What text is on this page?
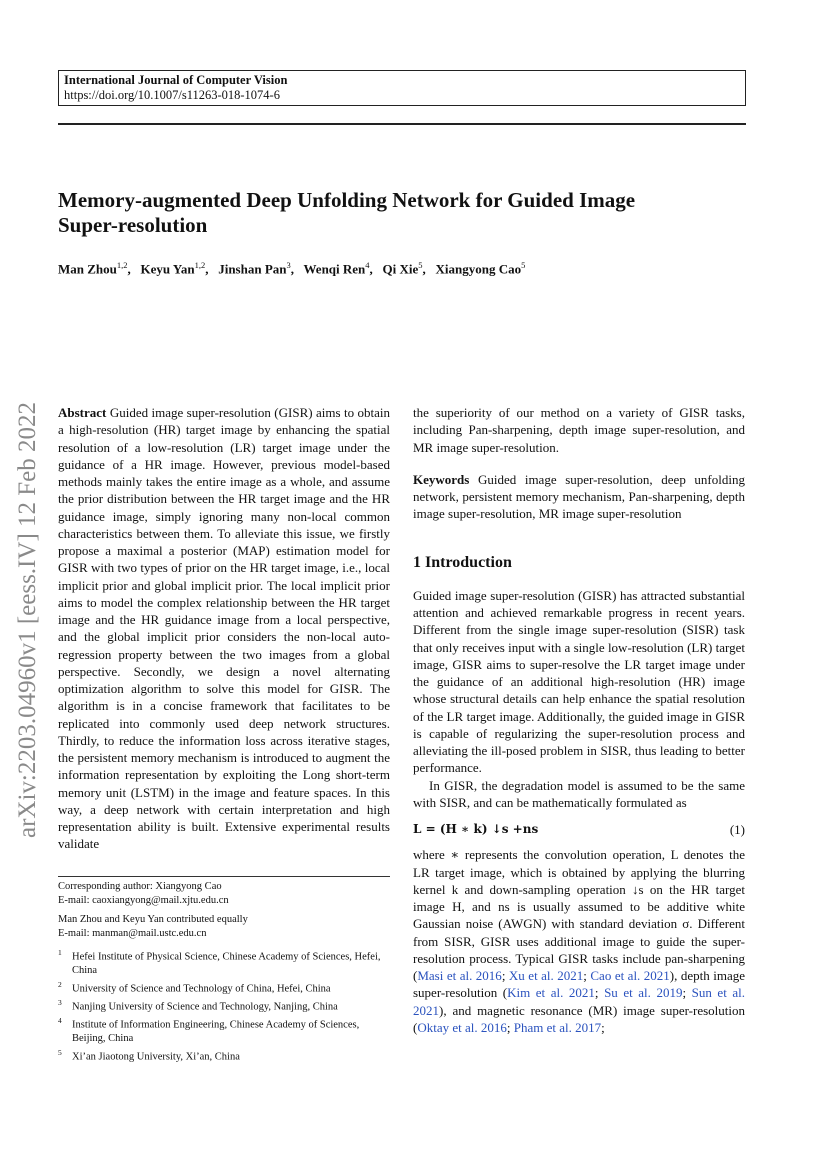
International Journal of Computer Vision
https://doi.org/10.1007/s11263-018-1074-6
Memory-augmented Deep Unfolding Network for Guided Image
Super-resolution
Man Zhou$^{1,2}$,   Keyu Yan$^{1,2}$,   Jinshan Pan$^3$,   Wenqi Ren$^4$,   Qi Xie$^5$,   Xiangyong Cao$^5$
arXiv:2203.04960v1 [eess.IV] 12 Feb 2022 Abstract Guided image super-resolution (GISR) aims to obtain a high-resolution (HR) target image by enhancing the spatial resolution of a low-resolution (LR) target image under the guidance of a HR image. However, previous model-based methods mainly takes the entire image as a whole, and assume the prior distribution between the HR target image and the HR guidance image, simply ignoring many non-local common characteristics between them. To alleviate this issue, we firstly propose a maximal a posterior (MAP) estimation model for GISR with two types of prior on the HR target image, i.e., local implicit prior and global implicit prior. The local implicit prior aims to model the complex relationship between the HR target image and the HR guidance image from a local perspective, and the global implicit prior considers the non-local auto-regression property between the two images from a global perspective. Secondly, we design a novel alternating optimization algorithm to solve this model for GISR. The algorithm is in a concise framework that facilitates to be replicated into commonly used deep network structures. Thirdly, to reduce the information loss across iterative stages, the persistent memory mechanism is introduced to augment the information representation by exploiting the Long short-term memory unit (LSTM) in the image and feature spaces. In this way, a deep network with certain interpretation and high representation ability is built. Extensive experimental results validate

Corresponding author: Xiangyong Cao
E-mail: caoxiangyong@mail.xjtu.edu.cn
Man Zhou and Keyu Yan contributed equally
E-mail: manman@mail.ustc.edu.cn
$^1$ Hefei Institute of Physical Science, Chinese Academy of Sciences, Hefei, China
$^2$ University of Science and Technology of China, Hefei, China
$^3$ Nanjing University of Science and Technology, Nanjing, China
$^4$ Institute of Information Engineering, Chinese Academy of Sciences, Beijing, China
$^5$ Xi’an Jiaotong University, Xi’an, China

the superiority of our method on a variety of GISR tasks, including Pan-sharpening, depth image super-resolution, and MR image super-resolution.

Keywords Guided image super-resolution, deep unfolding network, persistent memory mechanism, Pan-sharpening, depth image super-resolution, MR image super-resolution

1 Introduction

Guided image super-resolution (GISR) has attracted substantial attention and achieved remarkable progress in recent years. Different from the single image super-resolution (SISR) task that only receives input with a single low-resolution (LR) target image, GISR aims to super-resolve the LR target image under the guidance of an additional high-resolution (HR) image whose structural details can help enhance the spatial resolution of the LR target image. Additionally, the guided image in GISR is capable of regularizing the super-resolution process and alleviating the ill-posed problem in SISR, thus leading to better performance.

In GISR, the degradation model is assumed to be the same with SISR, and can be mathematically formulated as

L = (H ∗ k) ↓s +ns	(1)

where ∗ represents the convolution operation, L denotes the LR target image, which is obtained by applying the blurring kernel k and down-sampling operation ↓s on the HR target image H, and ns is usually assumed to be additive white Gaussian noise (AWGN) with standard deviation σ. Different from SISR, GISR uses additional image to guide the super-resolution process. Typical GISR tasks include pan-sharpening (Masi et al. 2016; Xu et al. 2021; Cao et al. 2021), depth image super-resolution (Kim et al. 2021; Su et al. 2019; Sun et al. 2021), and magnetic resonance (MR) image super-resolution (Oktay et al. 2016; Pham et al. 2017;
